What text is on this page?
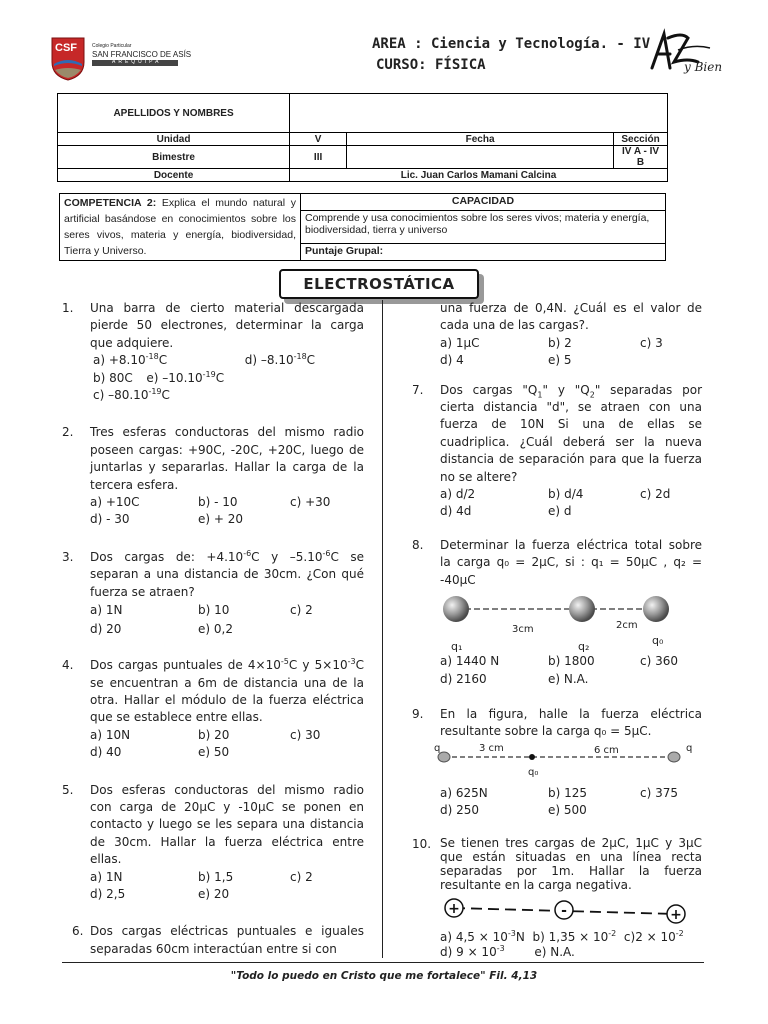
CSF	Colegio Particular
SAN FRANCISCO DE ASÍS
AREQUIPA
AREA : Ciencia y Tecnología. - IV
CURSO: FÍSICA	y Bien
APELLIDOS Y NOMBRES			
Unidad	V	Fecha	Sección
Bimestre	III		IV A - IV B
Docente	Lic. Juan Carlos Mamani Calcina		
COMPETENCIA 2: Explica el mundo natural y artificial basándose en conocimientos sobre los seres vivos, materia y energía, biodiversidad, Tierra y Universo.	CAPACIDAD
Comprende y usa conocimientos sobre los seres vivos; materia y energía, biodiversidad, tierra y universo
Puntaje Grupal:
ELECTROSTÁTICA
1. Una barra de cierto material descargada pierde 50 electrones, determinar la carga que adquiere.
$a) +8.10^{-18}C$	d) $-8.10^{-18}C$
b) 80C e) $-10.10^{-19}C$
c) $-80.10^{-19}C$
2. Tres esferas conductoras del mismo radio poseen cargas: +90C, -20C, +20C, luego de juntarlas y separarlas. Hallar la carga de la tercera esfera.
a) +10C	b) - 10	c) +30
d) - 30	e) + 20
3. Dos cargas de: $+4.10^{-6}C$ y $-5.10^{-6}C$ se separan a una distancia de 30cm. ¿Con qué fuerza se atraen?
a) 1N	b) 10	c) 2
d) 20	e) 0,2
4. Dos cargas puntuales de $4\times 10^{-5}C$ y $5\times 10^{-3}C$ se encuentran a 6m de distancia una de la otra. Hallar el módulo de la fuerza eléctrica que se establece entre ellas.
a) 10N	b) 20	c) 30
d) 40	e) 50
5. Dos esferas conductoras del mismo radio con carga de 20μC y -10μC se ponen en contacto y luego se les separa una distancia de 30cm. Hallar la fuerza eléctrica entre ellas.
a) 1N	b) 1,5	c) 2
d) 2,5	e) 20
6. Dos cargas eléctricas puntuales e iguales separadas 60cm interactúan entre si con
una fuerza de 0,4N. ¿Cuál es el valor de cada una de las cargas?.
a) 1μC	b) 2	c) 3
d) 4	e) 5
7. Dos cargas "$Q_1$" y "$Q_2$" separadas por cierta distancia "d", se atraen con una fuerza de 10N Si una de ellas se cuadriplica. ¿Cuál deberá ser la nueva distancia de separación para que la fuerza no se altere?
a) d/2	b) d/4	c) 2d
d) 4d	e) d
8. Determinar la fuerza eléctrica total sobre la carga q₀ = 2μC, si : q₁ = 50μC , q₂ = -40μC
3cm	2cm
q₁	q₂	q₀
a) 1440 N	b) 1800	c) 360
d) 2160	e) N.A.
9. En la figura, halle la fuerza eléctrica resultante sobre la carga q₀ = 5μC.
q	q
3 cm	6 cm
q₀
a) 625N	b) 125	c) 375
d) 250	e) 500
10. Se tienen tres cargas de 2μC, 1μC y 3μC que están situadas en una línea recta separadas por 1m. Hallar la fuerza resultante en la carga negativa.
+	-	+
a) $4,5 \times 10^{-3}N$ b) $1,35 \times 10^{-2}$ $c)2 \times 10^{-2}$
d) $9 \times 10^{-3}$ e) N.A.
"Todo lo puedo en Cristo que me fortalece" Fil. 4,13
